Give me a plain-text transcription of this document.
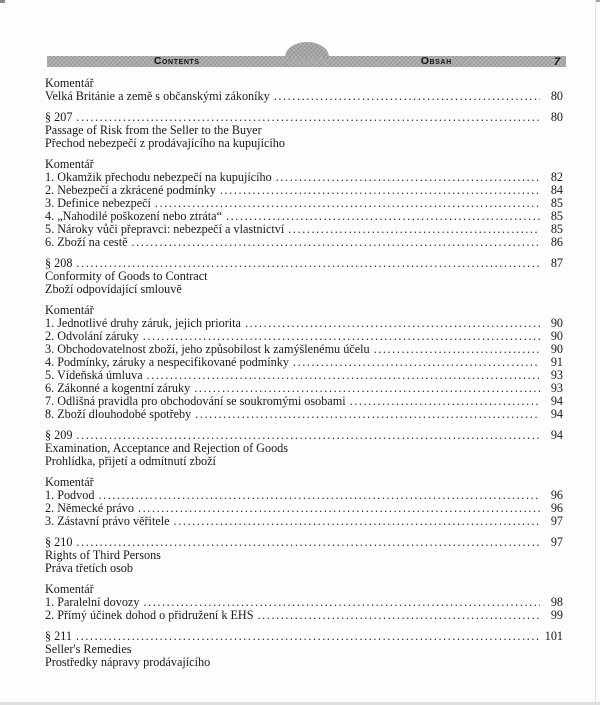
Contents	Obsah	7
Komentář
Velká Británie a země s občanskými zákoníky .....	80
§ 207 .....	80
Passage of Risk from the Seller to the Buyer
Přechod nebezpečí z prodávajícího na kupujícího
Komentář
1. Okamžik přechodu nebezpečí na kupujícího .....	82
2. Nebezpečí a zkrácené podmínky .....	84
3. Definice nebezpečí .....	85
4. „Nahodilé poškození nebo ztráta“ .....	85
5. Nároky vůči přepravci: nebezpečí a vlastnictví .....	85
6. Zboží na cestě .....	86
§ 208 .....	87
Conformity of Goods to Contract
Zboží odpovídající smlouvě
Komentář
1. Jednotlivé druhy záruk, jejich priorita .....	90
2. Odvolání záruky .....	90
3. Obchodovatelnost zboží, jeho způsobilost k zamýšlenému účelu .....	90
4. Podmínky, záruky a nespecifikované podmínky .....	91
5. Vídeňská úmluva .....	93
6. Zákonné a kogentní záruky .....	93
7. Odlišná pravidla pro obchodování se soukromými osobami .....	94
8. Zboží dlouhodobé spotřeby .....	94
§ 209 .....	94
Examination, Acceptance and Rejection of Goods
Prohlídka, přijetí a odmítnutí zboží
Komentář
1. Podvod .....	96
2. Německé právo .....	96
3. Zástavní právo věřitele .....	97
§ 210 .....	97
Rights of Third Persons
Práva třetích osob
Komentář
1. Paralelní dovozy .....	98
2. Přímý účinek dohod o přidružení k EHS .....	99
§ 211 .....	101
Seller's Remedies
Prostředky nápravy prodávajícího
